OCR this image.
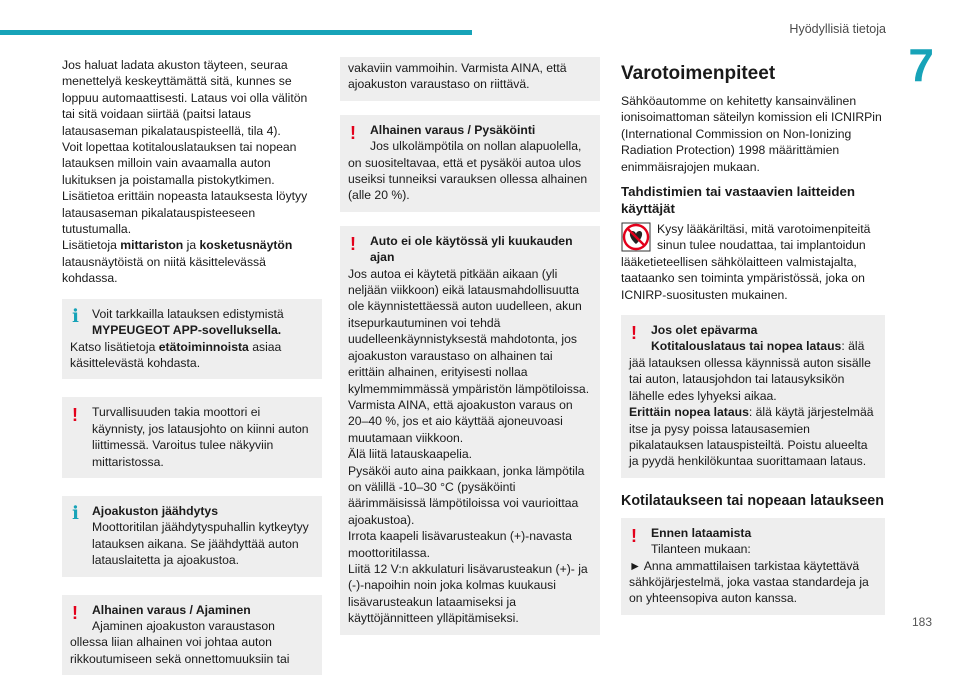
Hyödyllisiä tietoja
7
183

Jos haluat ladata akuston täyteen, seuraa menettelyä keskeyttämättä sitä, kunnes se loppuu automaattisesti. Lataus voi olla välitön tai sitä voidaan siirtää (paitsi lataus latausaseman pikalatauspisteellä, tila 4).

Voit lopettaa kotitalouslatauksen tai nopean latauksen milloin vain avaamalla auton lukituksen ja poistamalla pistokytkimen.

Lisätietoa erittäin nopeasta latauksesta löytyy latausaseman pikalatauspisteeseen tutustumalla.

Lisätietoja mittariston ja kosketusnäytön latausnäytöistä on niitä käsittelevässä kohdassa.

ℹ	Voit tarkkailla latauksen edistymistä
MYPEUGEOT APP-sovelluksella.
Katso lisätietoja etätoiminnoista asiaa käsittelevästä kohdasta.
!	Turvallisuuden takia moottori ei
käynnisty, jos latausjohto on kiinni auton liittimessä. Varoitus tulee näkyviin mittaristossa.
ℹ	Ajoakuston jäähdytys
Moottoritilan jäähdytyspuhallin kytkeytyy latauksen aikana. Se jäähdyttää auton latauslaitetta ja ajoakustoa.
!	Alhainen varaus / Ajaminen
Ajaminen ajoakuston varaustason
ollessa liian alhainen voi johtaa auton rikkoutumiseen sekä onnettomuuksiin tai
vakaviin vammoihin. Varmista AINA, että ajoakuston varaustaso on riittävä.
!	Alhainen varaus / Pysäköinti
Jos ulkolämpötila on nollan alapuolella,
on suositeltavaa, että et pysäköi autoa ulos useiksi tunneiksi varauksen ollessa alhainen (alle 20 %).
!	Auto ei ole käytössä yli kuukauden ajan
Jos autoa ei käytetä pitkään aikaan (yli neljään viikkoon) eikä latausmahdollisuutta ole käynnistettäessä auton uudelleen, akun itsepurkautuminen voi tehdä uudelleenkäynnistyksestä mahdotonta, jos ajoakuston varaustaso on alhainen tai erittäin alhainen, erityisesti nollaa kylmemmimmässä ympäristön lämpötiloissa. Varmista AINA, että ajoakuston varaus on 20–40 %, jos et aio käyttää ajoneuvoasi muutamaan viikkoon.
Älä liitä latauskaapelia.
Pysäköi auto aina paikkaan, jonka lämpötila on välillä -10–30 °C (pysäköinti äärimmäisissä lämpötiloissa voi vaurioittaa ajoakustoa).
Irrota kaapeli lisävarusteakun (+)-navasta moottoritilassa.
Liitä 12 V:n akkulaturi lisävarusteakun (+)- ja (-)-napoihin noin joka kolmas kuukausi lisävarusteakun lataamiseksi ja käyttöjännitteen ylläpitämiseksi.
Varotoimenpiteet

Sähköautomme on kehitetty kansainvälinen ionisoimattoman säteilyn komission eli ICNIRPin (International Commission on Non-Ionizing Radiation Protection) 1998 määrittämien enimmäisrajojen mukaan.

Tahdistimien tai vastaavien laitteiden käyttäjät

Kysy lääkäriltäsi, mitä varotoimenpiteitä sinun tulee noudattaa, tai implantoidun lääketieteellisen sähkölaitteen valmistajalta, taataanko sen toiminta ympäristössä, joka on ICNIRP-suositusten mukainen.

!	Jos olet epävarma
Kotitalouslataus tai nopea lataus: älä jää latauksen ollessa käynnissä auton sisälle tai auton, latausjohdon tai latausyksikön lähelle edes lyhyeksi aikaa.
Erittäin nopea lataus: älä käytä järjestelmää itse ja pysy poissa latausasemien pikalatauksen latauspisteiltä. Poistu alueelta ja pyydä henkilökuntaa suorittamaan lataus.
Kotilataukseen tai nopeaan lataukseen
!	Ennen lataamista
Tilanteen mukaan:
► Anna ammattilaisen tarkistaa käytettävä sähköjärjestelmä, joka vastaa standardeja ja on yhteensopiva auton kanssa.
